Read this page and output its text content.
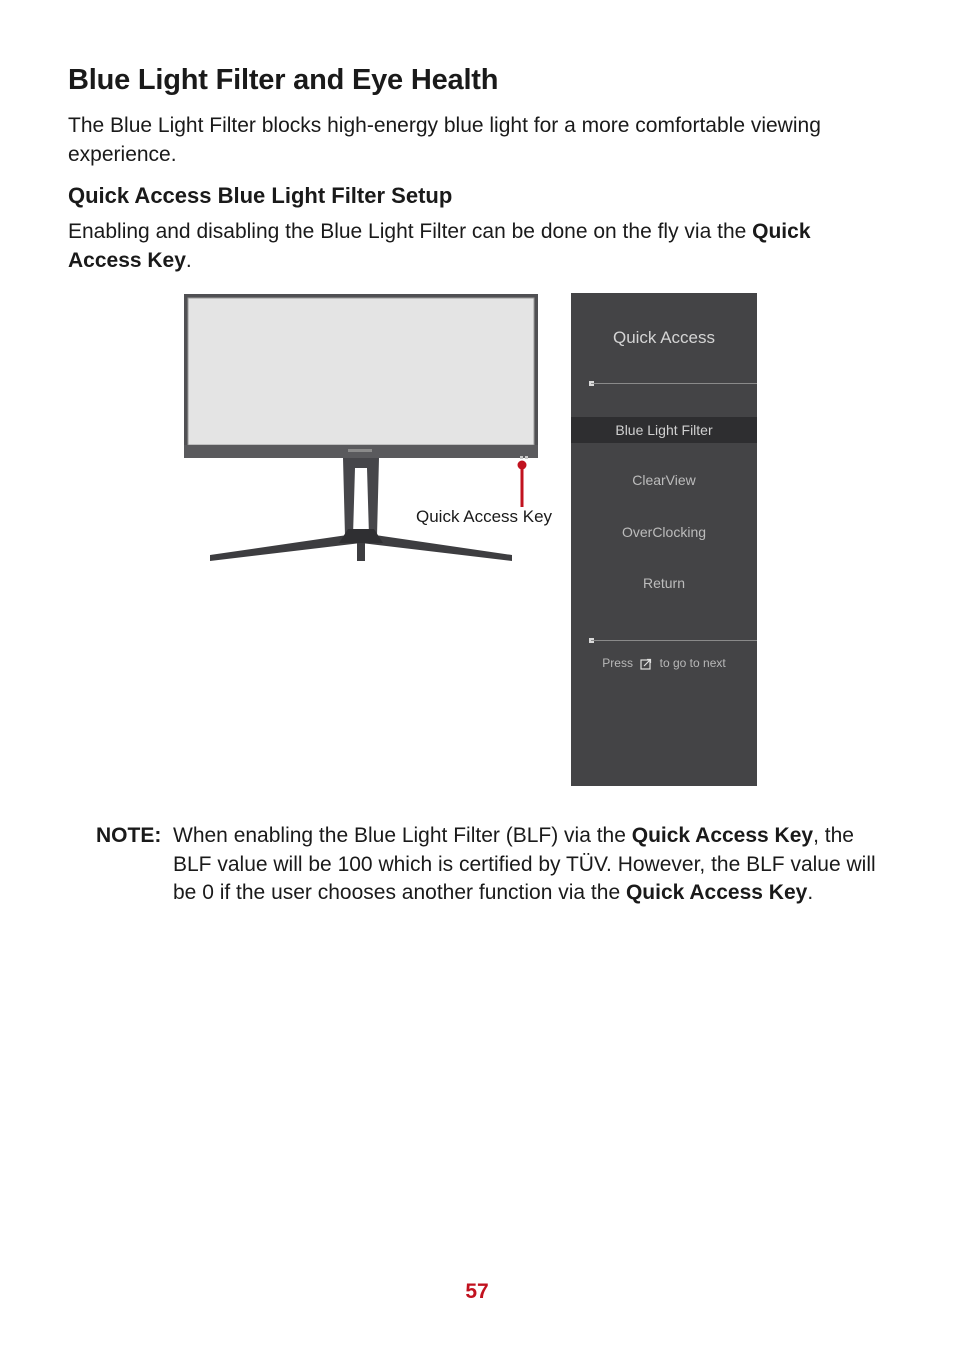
Blue Light Filter and Eye Health

The Blue Light Filter blocks high-energy blue light for a more comfortable viewing experience.

Quick Access Blue Light Filter Setup

Enabling and disabling the Blue Light Filter can be done on the fly via the Quick Access Key.

Quick Access Key
Quick Access
Blue Light Filter
ClearView
OverClocking
Return
Press to go to next
NOTE: When enabling the Blue Light Filter (BLF) via the Quick Access Key, the BLF value will be 100 which is certified by TÜV. However, the BLF value will be 0 if the user chooses another function via the Quick Access Key.
57
